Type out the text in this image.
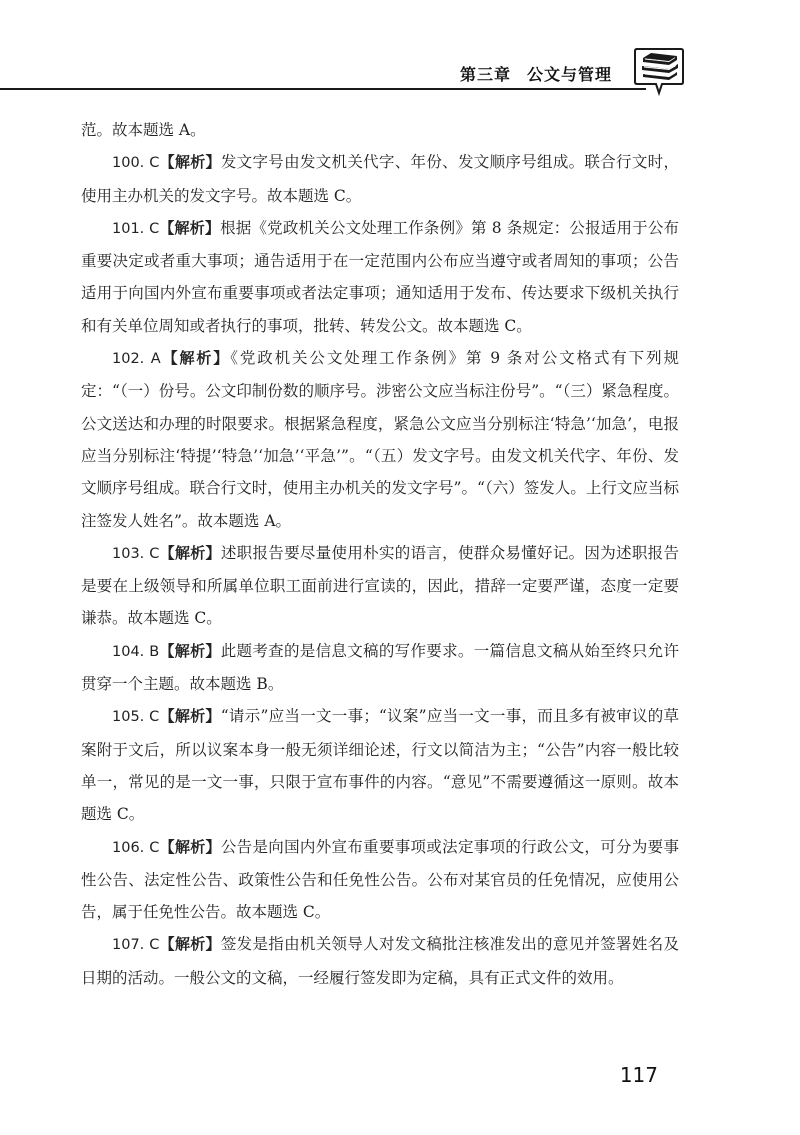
第三章 公文与管理

范。故本题选 A。

100. C【解析】发文字号由发文机关代字、年份、发文顺序号组成。联合行文时，使用主办机关的发文字号。故本题选 C。

101. C【解析】根据《党政机关公文处理工作条例》第 8 条规定：公报适用于公布重要决定或者重大事项；通告适用于在一定范围内公布应当遵守或者周知的事项；公告适用于向国内外宣布重要事项或者法定事项；通知适用于发布、传达要求下级机关执行和有关单位周知或者执行的事项，批转、转发公文。故本题选 C。

102. A【解析】《党政机关公文处理工作条例》第 9 条对公文格式有下列规定：“（一）份号。公文印制份数的顺序号。涉密公文应当标注份号”。“（三）紧急程度。公文送达和办理的时限要求。根据紧急程度，紧急公文应当分别标注‘特急’‘加急’，电报应当分别标注‘特提’‘特急’‘加急’‘平急’”。“（五）发文字号。由发文机关代字、年份、发文顺序号组成。联合行文时，使用主办机关的发文字号”。“（六）签发人。上行文应当标注签发人姓名”。故本题选 A。

103. C【解析】述职报告要尽量使用朴实的语言，使群众易懂好记。因为述职报告是要在上级领导和所属单位职工面前进行宣读的，因此，措辞一定要严谨，态度一定要谦恭。故本题选 C。

104. B【解析】此题考查的是信息文稿的写作要求。一篇信息文稿从始至终只允许贯穿一个主题。故本题选 B。

105. C【解析】“请示”应当一文一事；“议案”应当一文一事，而且多有被审议的草案附于文后，所以议案本身一般无须详细论述，行文以简洁为主；“公告”内容一般比较单一，常见的是一文一事，只限于宣布事件的内容。“意见”不需要遵循这一原则。故本题选 C。

106. C【解析】公告是向国内外宣布重要事项或法定事项的行政公文，可分为要事性公告、法定性公告、政策性公告和任免性公告。公布对某官员的任免情况，应使用公告，属于任免性公告。故本题选 C。

107. C【解析】签发是指由机关领导人对发文稿批注核准发出的意见并签署姓名及日期的活动。一般公文的文稿，一经履行签发即为定稿，具有正式文件的效用。

117
